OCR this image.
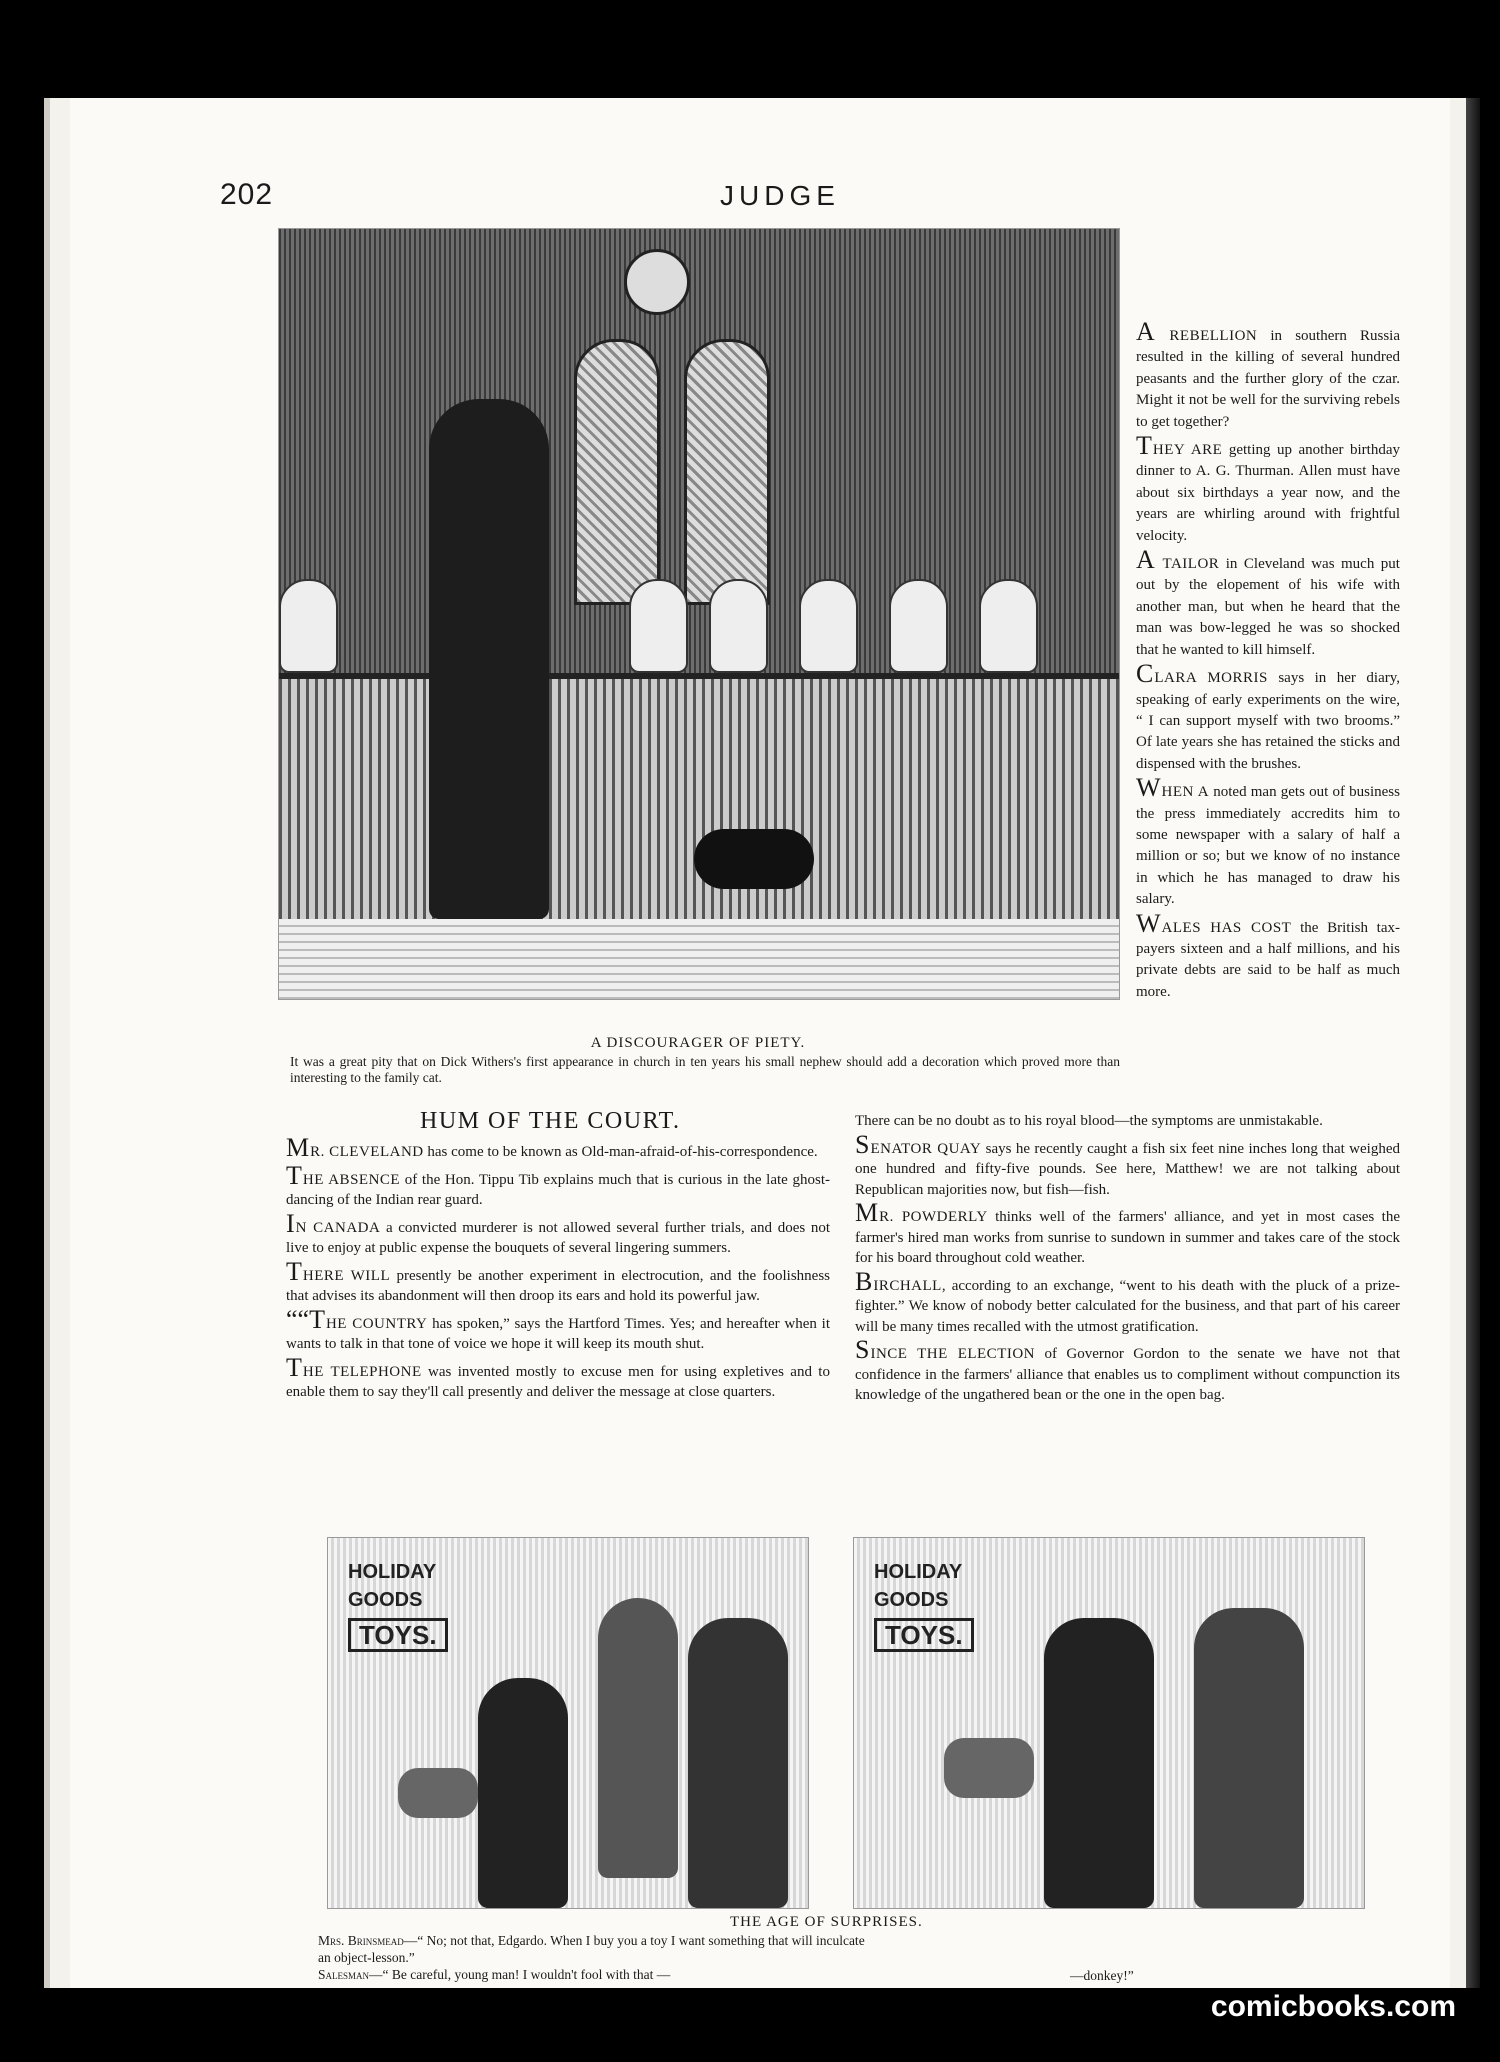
202	JUDGE
A DISCOURAGER OF PIETY.
It was a great pity that on Dick Withers's first appearance in church in ten years his small nephew should add a decoration which proved more than interesting to the family cat.

A REBELLION in southern Russia resulted in the killing of several hundred peasants and the further glory of the czar. Might it not be well for the surviving rebels to get together?

THEY ARE getting up another birthday dinner to A. G. Thurman. Allen must have about six birthdays a year now, and the years are whirling around with frightful velocity.

A TAILOR in Cleveland was much put out by the elopement of his wife with another man, but when he heard that the man was bow-legged he was so shocked that he wanted to kill himself.

CLARA MORRIS says in her diary, speaking of early experiments on the wire, “ I can support myself with two brooms.” Of late years she has retained the sticks and dispensed with the brushes.

WHEN A noted man gets out of business the press immediately accredits him to some newspaper with a salary of half a million or so; but we know of no instance in which he has managed to draw his salary.

WALES HAS COST the British tax-payers sixteen and a half millions, and his private debts are said to be half as much more.

HUM OF THE COURT.

MR. CLEVELAND has come to be known as Old-man-afraid-of-his-correspondence.

THE ABSENCE of the Hon. Tippu Tib explains much that is curious in the late ghost-dancing of the Indian rear guard.

IN CANADA a convicted murderer is not allowed several further trials, and does not live to enjoy at public expense the bouquets of several lingering summers.

THERE WILL presently be another experiment in electrocution, and the foolishness that advises its abandonment will then droop its ears and hold its powerful jaw.

““THE COUNTRY has spoken,” says the Hartford Times. Yes; and hereafter when it wants to talk in that tone of voice we hope it will keep its mouth shut.

THE TELEPHONE was invented mostly to excuse men for using expletives and to enable them to say they'll call presently and deliver the message at close quarters.

There can be no doubt as to his royal blood—the symptoms are unmistakable.

SENATOR QUAY says he recently caught a fish six feet nine inches long that weighed one hundred and fifty-five pounds. See here, Matthew! we are not talking about Republican majorities now, but fish—fish.

MR. POWDERLY thinks well of the farmers' alliance, and yet in most cases the farmer's hired man works from sunrise to sundown in summer and takes care of the stock for his board throughout cold weather.

BIRCHALL, according to an exchange, “went to his death with the pluck of a prize-fighter.” We know of nobody better calculated for the business, and that part of his career will be many times recalled with the utmost gratification.

SINCE THE ELECTION of Governor Gordon to the senate we have not that confidence in the farmers' alliance that enables us to compliment without compunction its knowledge of the ungathered bean or the one in the open bag.

HOLIDAY
GOODS
TOYS.
HOLIDAY
GOODS
TOYS.
THE AGE OF SURPRISES.

Mrs. Brinsmead—“ No; not that, Edgardo. When I buy you a toy I want something that will inculcate an object-lesson.”

Salesman—“ Be careful, young man! I wouldn't fool with that —	—donkey!”
comicbooks.com
